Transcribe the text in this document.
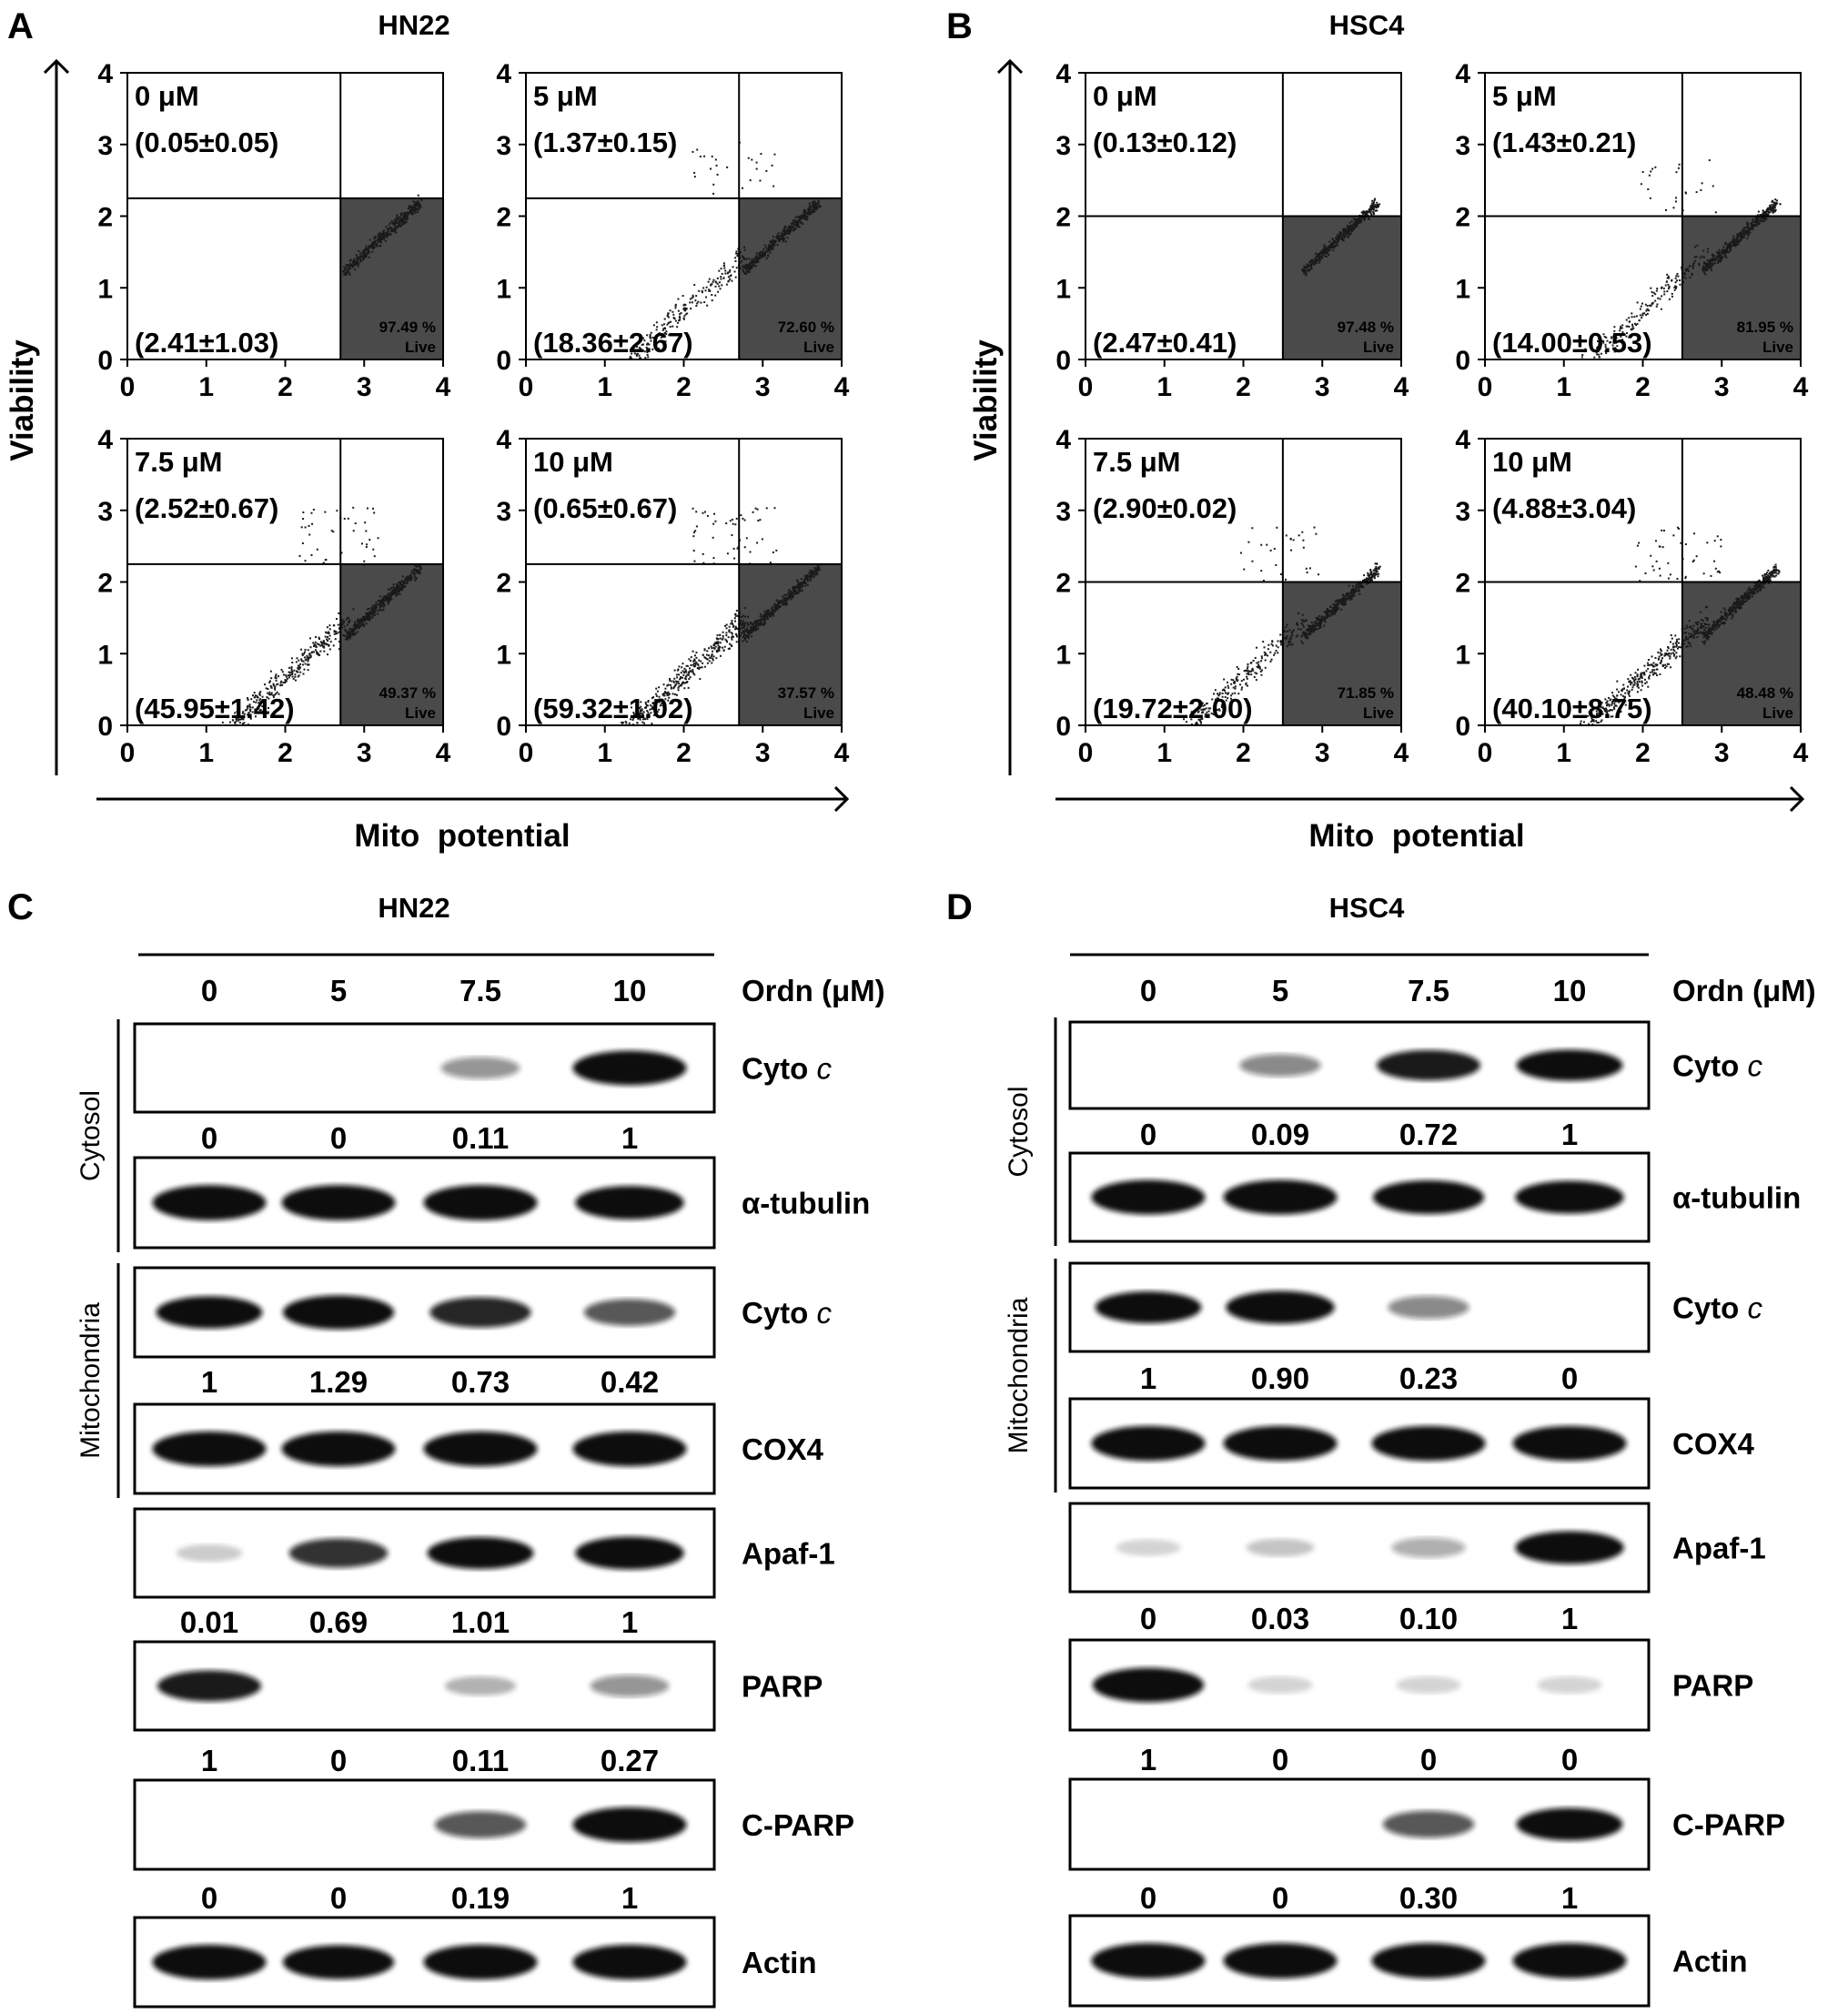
A	HN22	B	HSC4
Viability
Mito  potential
Viability
Mito  potential
0 1 2 3 4
0
1
2
3
4
0 μM
(0.05±0.05)
(2.41±1.03)	97.49 %
Live
0 1 2 3 4
0
1
2
3
4
5 μM
(1.37±0.15)
(18.36±2.67)	72.60 %
Live
0 1 2 3 4
0
1
2
3
4
7.5 μM
(2.52±0.67)
(45.95±1.42)	49.37 %
Live
0 1 2 3 4
0
1
2
3
4
10 μM
(0.65±0.67)
(59.32±1.02)	37.57 %
Live
0 1 2 3 4
0
1
2
3
4
0 μM
(0.13±0.12)
(2.47±0.41)	97.48 %
Live
0 1 2 3 4
0
1
2
3
4
5 μM
(1.43±0.21)
(14.00±0.53)	81.95 %
Live
0 1 2 3 4
0
1
2
3
4
7.5 μM
(2.90±0.02)
(19.72±2.00)	71.85 %
Live
0 1 2 3 4
0
1
2
3
4
10 μM
(4.88±3.04)
(40.10±8.75)	48.48 %
Live
C	HN22	D	HSC4
0	5	7.5	10	Ordn (μM)
Cyto c
0	0	0.11	1
α-tubulin
Cyto c
1	1.29	0.73	0.42
COX4
Apaf-1
0.01 0.69	1.01	1
PARP
1	0	0.11	0.27
C-PARP
0	0	0.19	1
Actin
Cytosol
Mitochondria
0	5	7.5	10	Ordn (μM)
Cyto c
0	0.09	0.72	1
α-tubulin
Cyto c
1	0.90	0.23	0
COX4
Apaf-1
0	0.03	0.10	1
PARP
1	0	0	0
C-PARP
0	0	0.30	1
Actin
Cytosol
Mitochondria
